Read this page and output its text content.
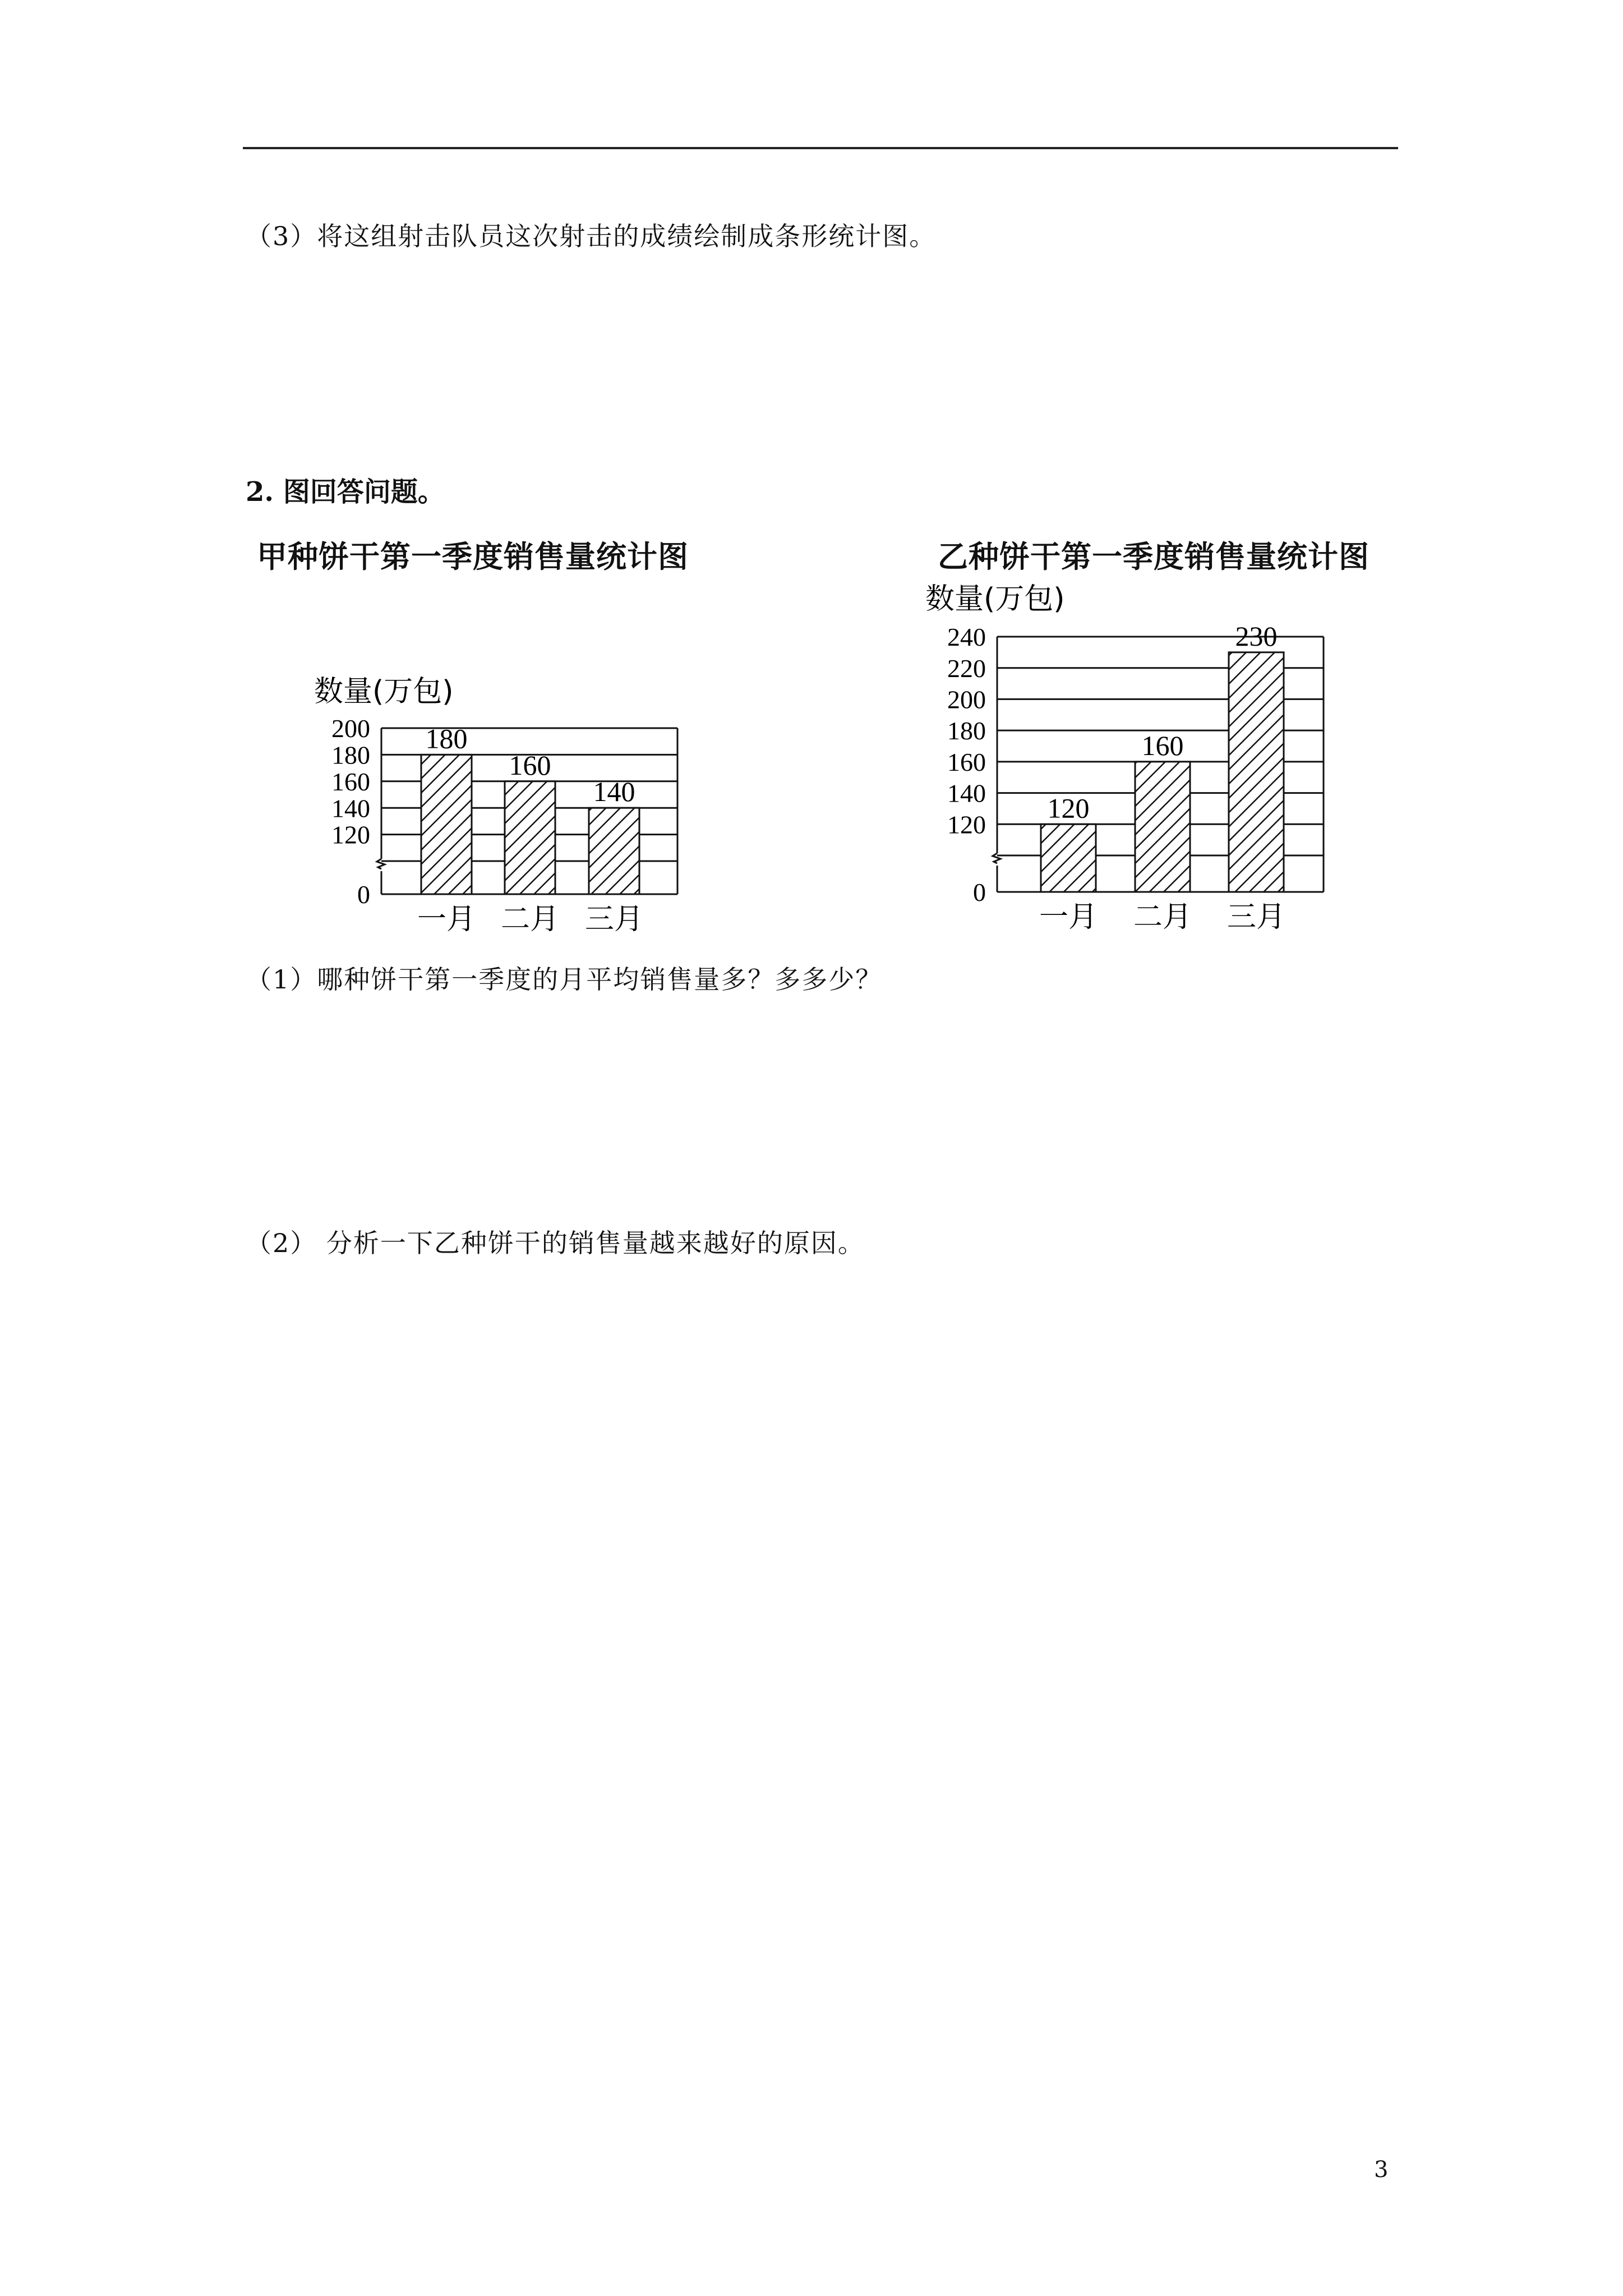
（3）将这组射击队员这次射击的成绩绘制成条形统计图。
2. 图回答问题。
甲种饼干第一季度销售量统计图	乙种饼干第一季度销售量统计图
数量(万包)
200
180
160
140
120
0
180
一月
160
二月
140
三月
数量(万包)
240
220
200
180
160
140
120
0
120
一月
160
二月
230
三月
（1）哪种饼干第一季度的月平均销售量多？多多少？
（2） 分析一下乙种饼干的销售量越来越好的原因。
3
